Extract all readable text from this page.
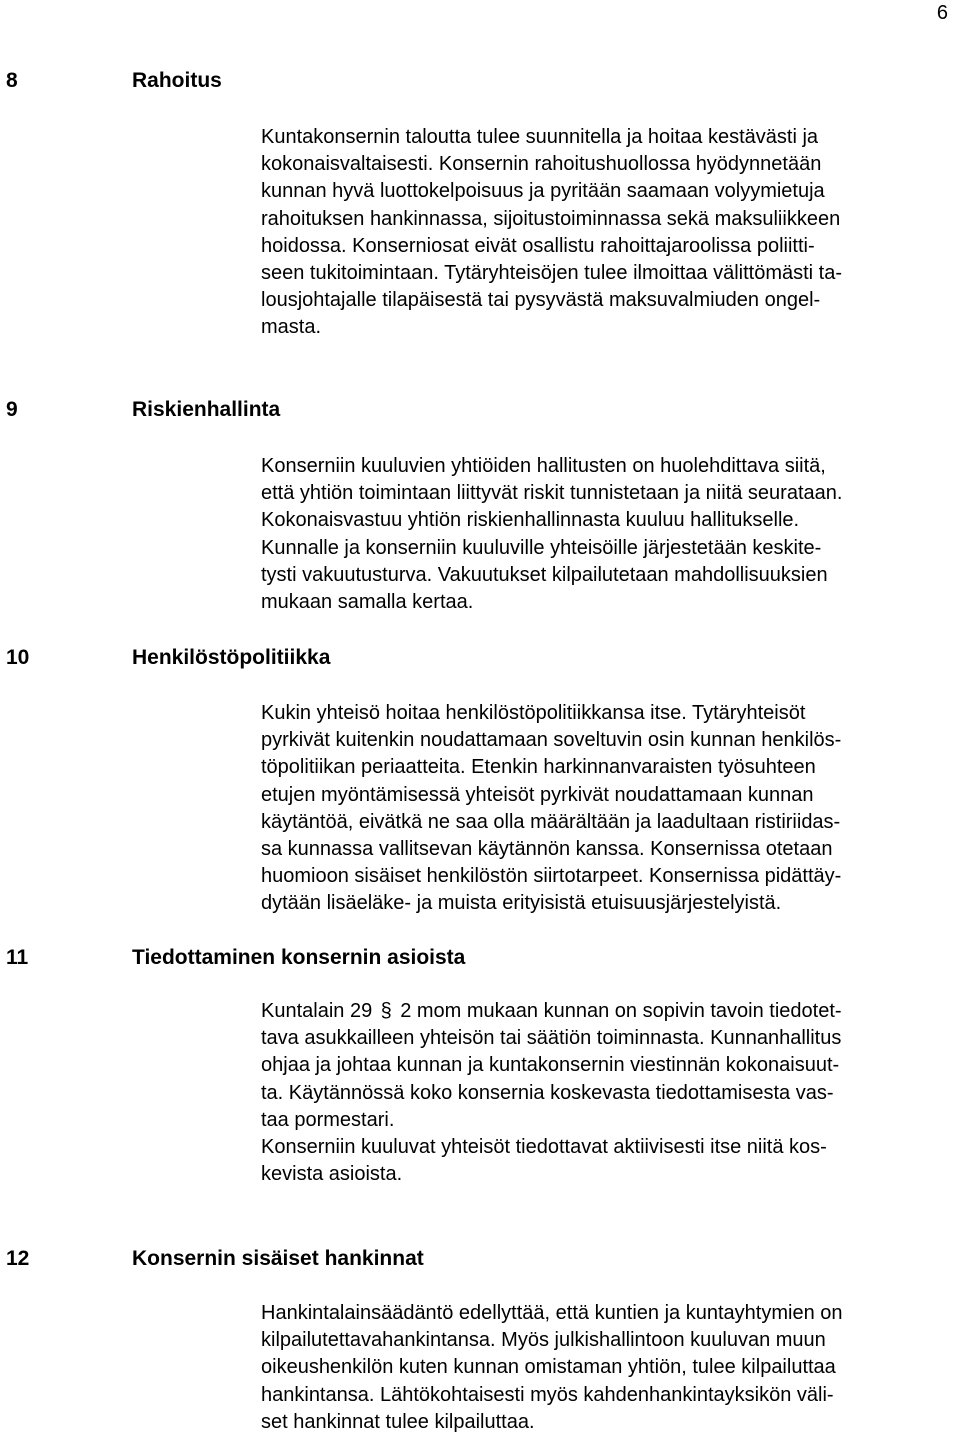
6
8	Rahoitus
Kuntakonsernin taloutta tulee suunnitella ja hoitaa kestävästi ja
kokonaisvaltaisesti. Konsernin rahoitushuollossa hyödynnetään
kunnan hyvä luottokelpoisuus ja pyritään saamaan volyymietuja
rahoituksen hankinnassa, sijoitustoiminnassa sekä maksuliikkeen
hoidossa. Konserniosat eivät osallistu rahoittajaroolissa poliitti-
seen tukitoimintaan. Tytäryhteisöjen tulee ilmoittaa välittömästi ta-
lousjohtajalle tilapäisestä tai pysyvästä maksuvalmiuden ongel-
masta.
9	Riskienhallinta
Konserniin kuuluvien yhtiöiden hallitusten on huolehdittava siitä,
että yhtiön toimintaan liittyvät riskit tunnistetaan ja niitä seurataan.
Kokonaisvastuu yhtiön riskienhallinnasta kuuluu hallitukselle.
Kunnalle ja konserniin kuuluville yhteisöille järjestetään keskite-
tysti vakuutusturva. Vakuutukset kilpailutetaan mahdollisuuksien
mukaan samalla kertaa.
10	Henkilöstöpolitiikka
Kukin yhteisö hoitaa henkilöstöpolitiikkansa itse. Tytäryhteisöt
pyrkivät kuitenkin noudattamaan soveltuvin osin kunnan henkilös-
töpolitiikan periaatteita. Etenkin harkinnanvaraisten työsuhteen
etujen myöntämisessä yhteisöt pyrkivät noudattamaan kunnan
käytäntöä, eivätkä ne saa olla määrältään ja laadultaan ristiriidas-
sa kunnassa vallitsevan käytännön kanssa. Konsernissa otetaan
huomioon sisäiset henkilöstön siirtotarpeet. Konsernissa pidättäy-
dytään lisäeläke- ja muista erityisistä etuisuusjärjestelyistä.
11	Tiedottaminen konsernin asioista
Kuntalain 29 § 2 mom mukaan kunnan on sopivin tavoin tiedotet-
tava asukkailleen yhteisön tai säätiön toiminnasta. Kunnanhallitus
ohjaa ja johtaa kunnan ja kuntakonsernin viestinnän kokonaisuut-
ta. Käytännössä koko konsernia koskevasta tiedottamisesta vas-
taa pormestari.
Konserniin kuuluvat yhteisöt tiedottavat aktiivisesti itse niitä kos-
kevista asioista.
12	Konsernin sisäiset hankinnat
Hankintalainsäädäntö edellyttää, että kuntien ja kuntayhtymien on
kilpailutettavahankintansa. Myös julkishallintoon kuuluvan muun
oikeushenkilön kuten kunnan omistaman yhtiön, tulee kilpailuttaa
hankintansa. Lähtökohtaisesti myös kahdenhankintayksikön väli-
set hankinnat tulee kilpailuttaa.
